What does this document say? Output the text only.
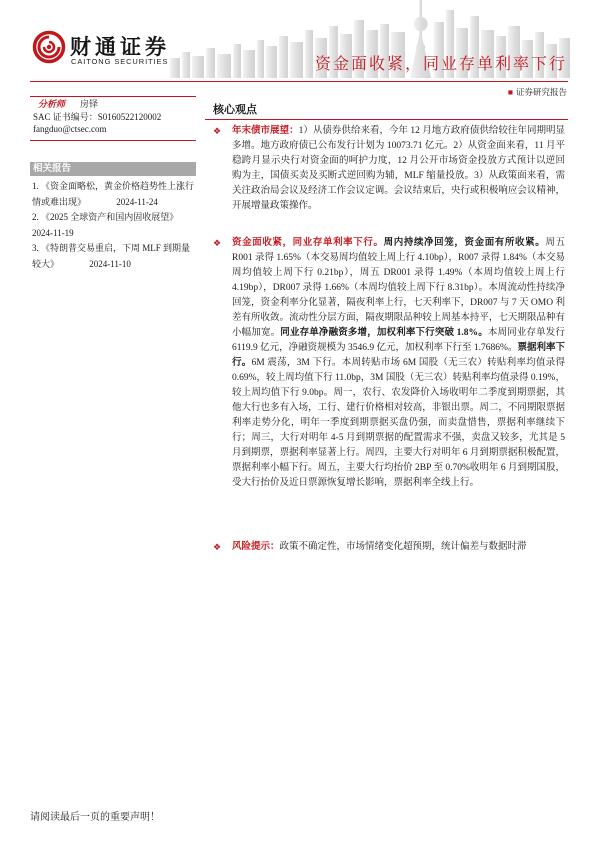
财通证券
CAITONG SECURITIES	资金面收紧，同业存单利率下行
■ 证券研究报告
分析师 房铎
SAC 证书编号：S0160522120002
fangduo@ctsec.com
相关报告
1. 《资金面略松，黄金价格趋势性上涨行情或难出现》	2024-11-24
2. 《2025 全球资产和国内固收展望》 2024-11-19
3. 《特朗普交易重启，下周 MLF 到期量较大》	2024-11-10
核心观点
❖	年末债市展望：1）从债券供给来看，今年 12 月地方政府债供给较往年同期明显多增。地方政府债已公布发行计划为 10073.71 亿元。2）从资金面来看，11 月平稳跨月显示央行对资金面的呵护力度，12 月公开市场资金投放方式预计以逆回购为主，国债买卖及买断式逆回购为辅，MLF 缩量投放。3）从政策面来看，需关注政治局会议及经济工作会议定调。会议结束后，央行或积极响应会议精神，开展增量政策操作。

❖	资金面收紧，同业存单利率下行。周内持续净回笼，资金面有所收紧。周五 R001 录得 1.65%（本交易周均值较上周上行 4.10bp），R007 录得 1.84%（本交易周均值较上周下行 0.21bp），周五 DR001 录得 1.49%（本周均值较上周上行 4.19bp），DR007 录得 1.66%（本周均值较上周下行 8.31bp）。本周流动性持续净回笼，资金利率分化显著，隔夜利率上行，七天利率下，DR007 与 7 天 OMO 利差有所收敛。流动性分层方面，隔夜期限品种较上周基本持平，七天期限品种有小幅加宽。同业存单净融资多增，加权利率下行突破 1.8%。本周同业存单发行 6119.9 亿元，净融资规模为 3546.9 亿元，加权利率下行至 1.7686%。票据利率下行。6M 震荡，3M 下行。本周转贴市场 6M 国股（无三农）转贴利率均值录得 0.69%，较上周均值下行 11.0bp，3M 国股（无三农）转贴利率均值录得 0.19%，较上周均值下行 9.0bp。周一，农行、农发降价入场收明年二季度到期票据，其他大行也多有入场，工行、建行价格相对较高，非银出票。周二，不同期限票据利率走势分化，明年一季度到期票据买盘仍强，而卖盘惜售，票据利率继续下行；周三，大行对明年 4-5 月到期票据的配置需求不强，卖盘又较多，尤其是 5 月到期票，票据利率显著上行。周四，主要大行对明年 6 月到期票据积极配置，票据利率小幅下行。周五，主要大行均抬价 2BP 至 0.70%收明年 6 月到期国股，受大行抬价及近日票源恢复增长影响，票据利率全线上行。

❖	风险提示：政策不确定性，市场情绪变化超预期，统计偏差与数据时滞

请阅读最后一页的重要声明！
